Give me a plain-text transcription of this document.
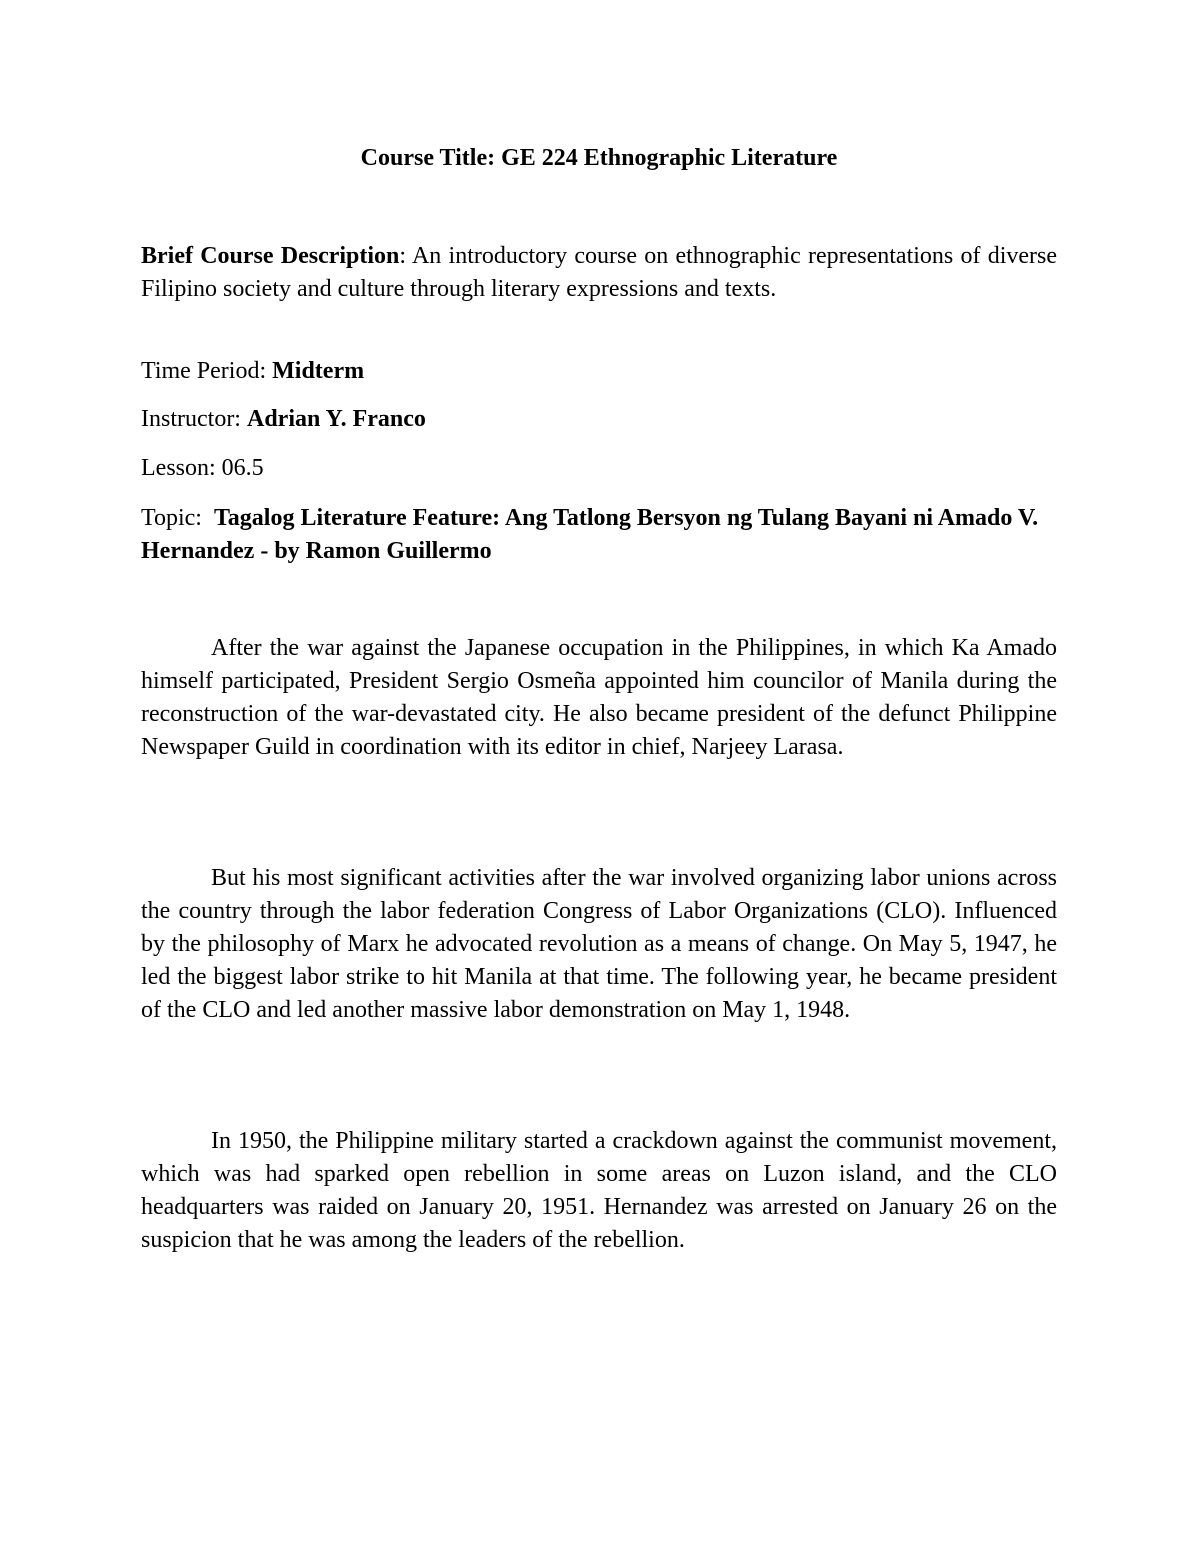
Course Title: GE 224 Ethnographic Literature

Brief Course Description: An introductory course on ethnographic representations of diverse Filipino society and culture through literary expressions and texts.

Time Period: Midterm

Instructor: Adrian Y. Franco

Lesson: 06.5

Topic:  Tagalog Literature Feature: Ang Tatlong Bersyon ng Tulang Bayani ni Amado V. Hernandez - by Ramon Guillermo

After the war against the Japanese occupation in the Philippines, in which Ka Amado himself participated, President Sergio Osmeña appointed him councilor of Manila during the reconstruction of the war-devastated city. He also became president of the defunct Philippine Newspaper Guild in coordination with its editor in chief, Narjeey Larasa.

But his most significant activities after the war involved organizing labor unions across the country through the labor federation Congress of Labor Organizations (CLO). Influenced by the philosophy of Marx he advocated revolution as a means of change. On May 5, 1947, he led the biggest labor strike to hit Manila at that time. The following year, he became president of the CLO and led another massive labor demonstration on May 1, 1948.

In 1950, the Philippine military started a crackdown against the communist movement, which was had sparked open rebellion in some areas on Luzon island, and the CLO headquarters was raided on January 20, 1951. Hernandez was arrested on January 26 on the suspicion that he was among the leaders of the rebellion.
